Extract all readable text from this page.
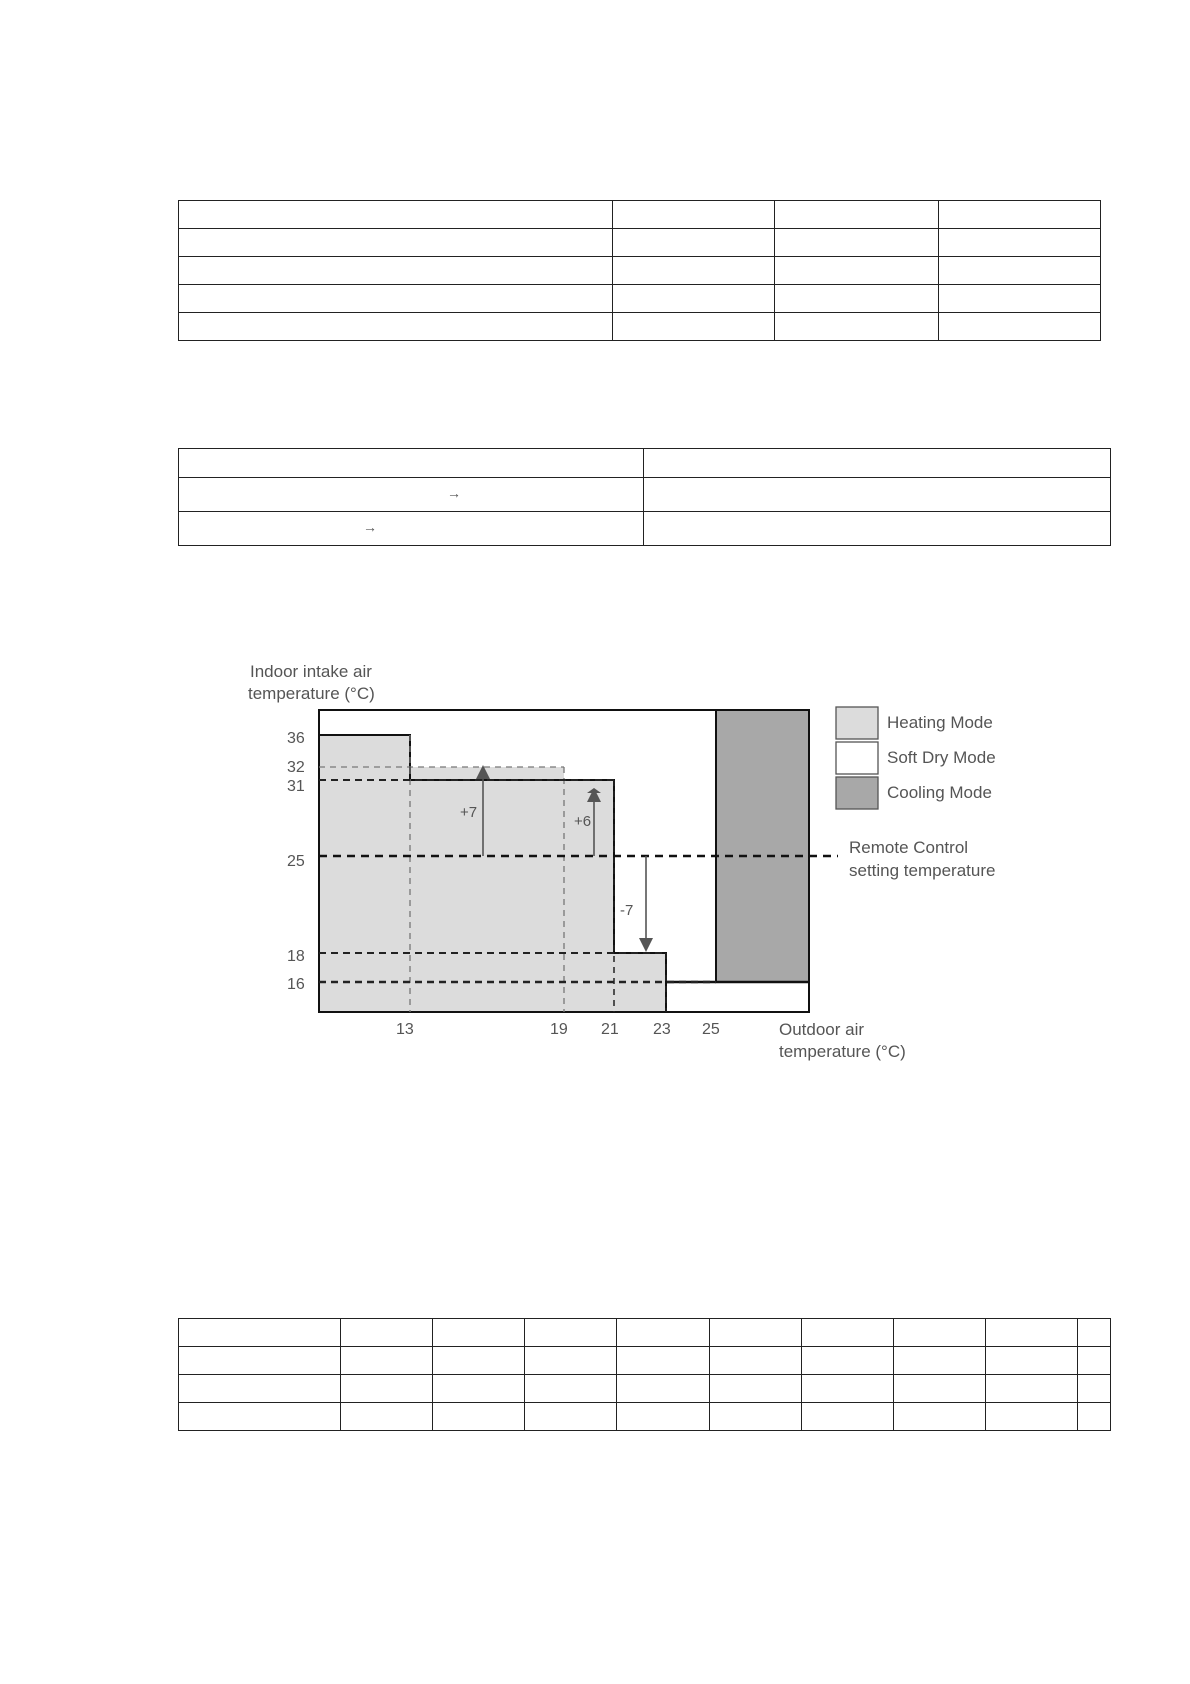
→	

→	

+7
+6
-7
Indoor intake air
temperature (°C)
36
32
31
25
18
16
13	19 21 23 25	Outdoor air
temperature (°C)
Remote Control
setting temperature
Heating Mode
Soft Dry Mode
Cooling Mode
